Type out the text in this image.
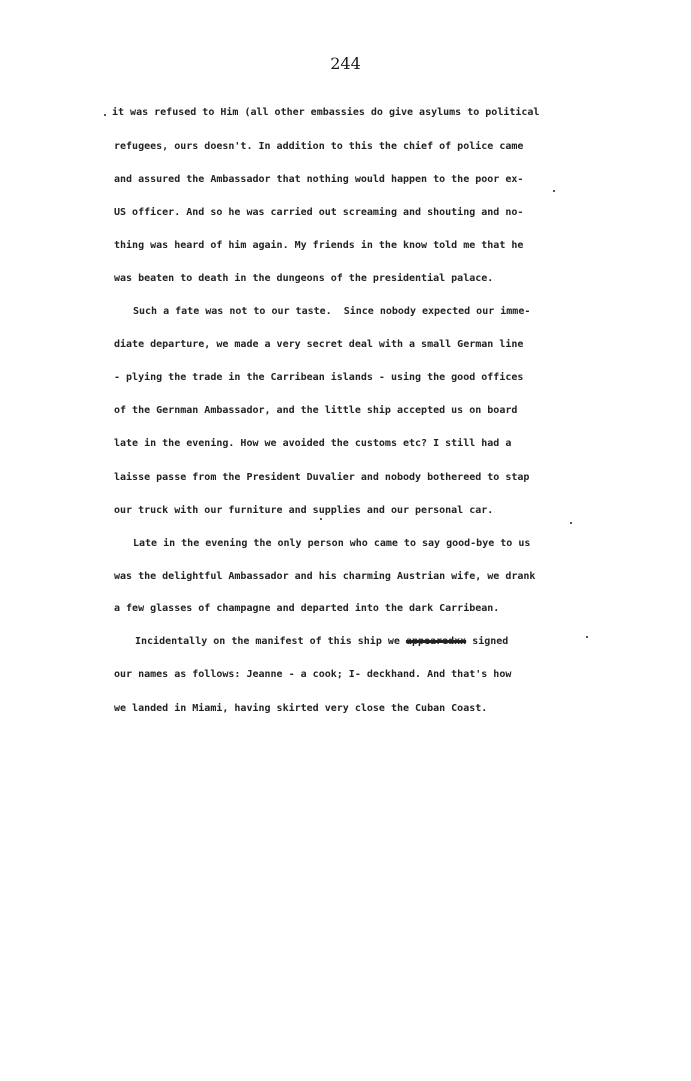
244
it was refused to Him (all other embassies do give asylums to political
refugees, ours doesn't. In addition to this the chief of police came
and assured the Ambassador that nothing would happen to the poor ex-
US officer. And so he was carried out screaming and shouting and no-
thing was heard of him again. My friends in the know told me that he
was beaten to death in the dungeons of the presidential palace.
Such a fate was not to our taste.  Since nobody expected our imme-
diate departure, we made a very secret deal with a small German line
- plying the trade in the Carribean islands - using the good offices
of the Gernman Ambassador, and the little ship accepted us on board
late in the evening. How we avoided the customs etc? I still had a
laisse passe from the President Duvalier and nobody bothereed to stap
our truck with our furniture and supplies and our personal car.
Late in the evening the only person who came to say good-bye to us
was the delightful Ambassador and his charming Austrian wife, we drank
a few glasses of champagne and departed into the dark Carribean.
Incidentally on the manifest of this ship we appearedxx signed
our names as follows: Jeanne - a cook; I- deckhand. And that's how
we landed in Miami, having skirted very close the Cuban Coast.
